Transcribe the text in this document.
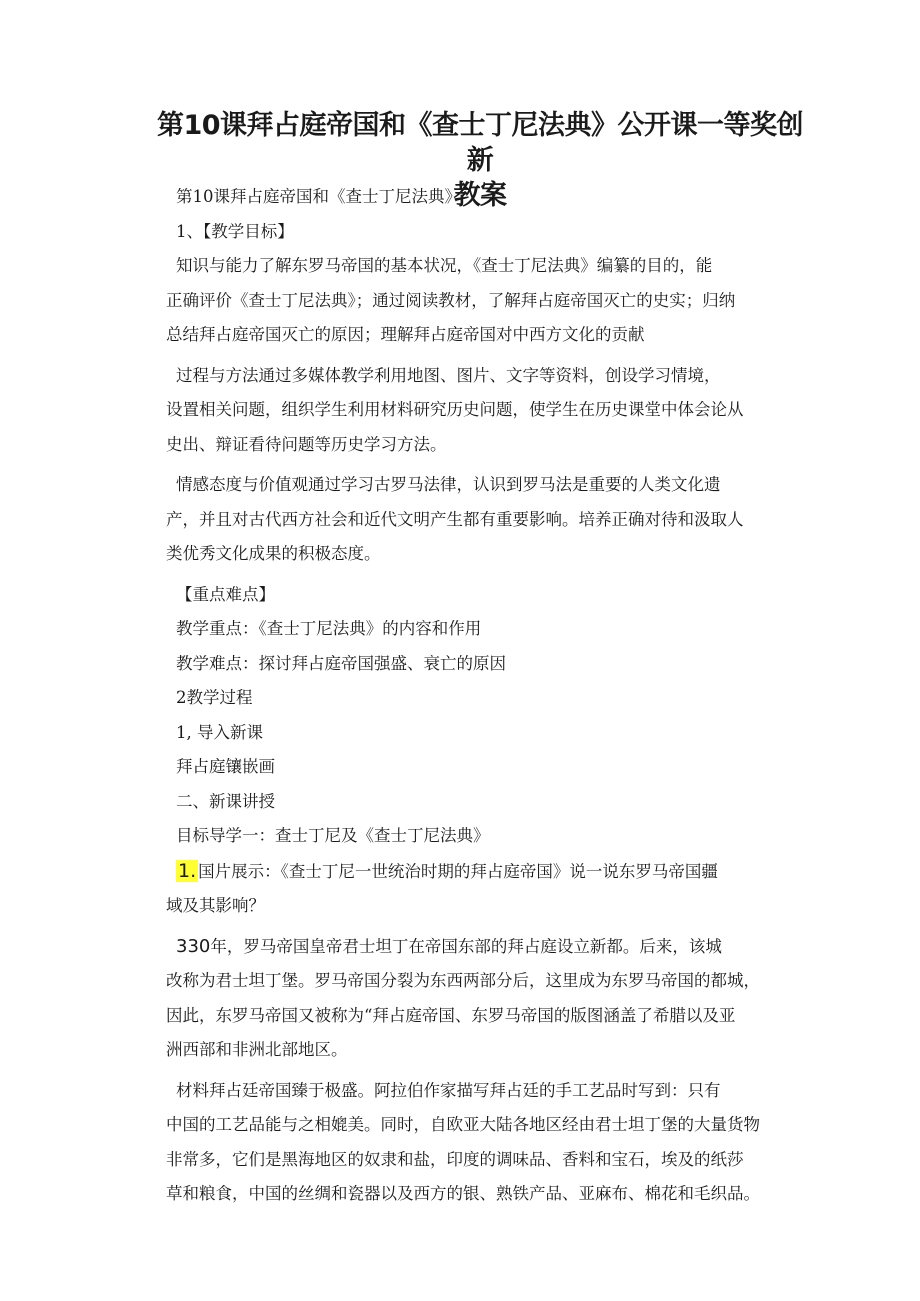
第10课拜占庭帝国和《查士丁尼法典》公开课一等奖创新
教案

第10课拜占庭帝国和《查士丁尼法典》

1、【教学目标】

知识与能力了解东罗马帝国的基本状况，《查士丁尼法典》编纂的目的，能

正确评价《查士丁尼法典》；通过阅读教材，了解拜占庭帝国灭亡的史实；归纳

总结拜占庭帝国灭亡的原因；理解拜占庭帝国对中西方文化的贡献

过程与方法通过多媒体教学利用地图、图片、文字等资料，创设学习情境，

设置相关问题，组织学生利用材料研究历史问题，使学生在历史课堂中体会论从

史出、辩证看待问题等历史学习方法。

情感态度与价值观通过学习古罗马法律，认识到罗马法是重要的人类文化遗

产，并且对古代西方社会和近代文明产生都有重要影响。培养正确对待和汲取人

类优秀文化成果的积极态度。

【重点难点】

教学重点：《查士丁尼法典》的内容和作用

教学难点：探讨拜占庭帝国强盛、衰亡的原因

2教学过程

1, 导入新课

拜占庭镶嵌画

二、新课讲授

目标导学一：查士丁尼及《查士丁尼法典》

1. 国片展示：《查士丁尼一世统治时期的拜占庭帝国》说一说东罗马帝国疆

域及其影响？

330年，罗马帝国皇帝君士坦丁在帝国东部的拜占庭设立新都。后来，该城

改称为君士坦丁堡。罗马帝国分裂为东西两部分后，这里成为东罗马帝国的都城，

因此，东罗马帝国又被称为“拜占庭帝国、东罗马帝国的版图涵盖了希腊以及亚

洲西部和非洲北部地区。

材料拜占廷帝国臻于极盛。阿拉伯作家描写拜占廷的手工艺品时写到：只有

中国的工艺品能与之相媲美。同时，自欧亚大陆各地区经由君士坦丁堡的大量货物

非常多，它们是黑海地区的奴隶和盐，印度的调味品、香料和宝石，埃及的纸莎

草和粮食，中国的丝绸和瓷器以及西方的银、熟铁产品、亚麻布、棉花和毛织品。
